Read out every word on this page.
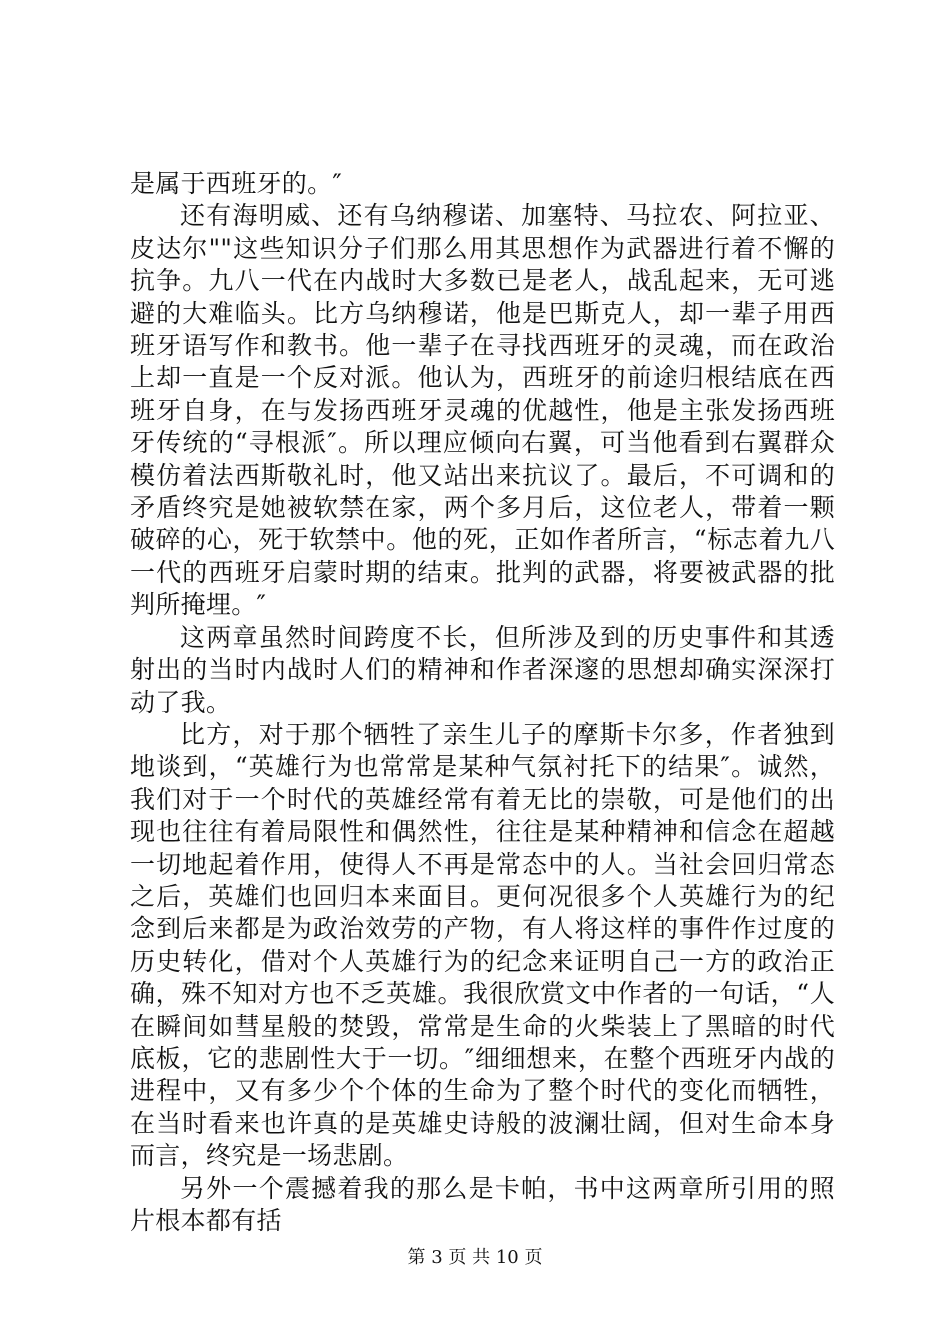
是属于西班牙的。″

还有海明威、还有乌纳穆诺、加塞特、马拉农、阿拉亚、皮达尔""这些知识分子们那么用其思想作为武器进行着不懈的抗争。九八一代在内战时大多数已是老人，战乱起来，无可逃避的大难临头。比方乌纳穆诺，他是巴斯克人，却一辈子用西班牙语写作和教书。他一辈子在寻找西班牙的灵魂，而在政治上却一直是一个反对派。他认为，西班牙的前途归根结底在西班牙自身，在与发扬西班牙灵魂的优越性，他是主张发扬西班牙传统的“寻根派″。所以理应倾向右翼，可当他看到右翼群众模仿着法西斯敬礼时，他又站出来抗议了。最后，不可调和的矛盾终究是她被软禁在家，两个多月后，这位老人，带着一颗破碎的心，死于软禁中。他的死，正如作者所言，“标志着九八一代的西班牙启蒙时期的结束。批判的武器，将要被武器的批判所掩埋。″

这两章虽然时间跨度不长，但所涉及到的历史事件和其透射出的当时内战时人们的精神和作者深邃的思想却确实深深打动了我。

比方，对于那个牺牲了亲生儿子的摩斯卡尔多，作者独到地谈到，“英雄行为也常常是某种气氛衬托下的结果″。诚然，我们对于一个时代的英雄经常有着无比的崇敬，可是他们的出现也往往有着局限性和偶然性，往往是某种精神和信念在超越一切地起着作用，使得人不再是常态中的人。当社会回归常态之后，英雄们也回归本来面目。更何况很多个人英雄行为的纪念到后来都是为政治效劳的产物，有人将这样的事件作过度的历史转化，借对个人英雄行为的纪念来证明自己一方的政治正确，殊不知对方也不乏英雄。我很欣赏文中作者的一句话，“人在瞬间如彗星般的焚毁，常常是生命的火柴装上了黑暗的时代底板，它的悲剧性大于一切。″细细想来，在整个西班牙内战的进程中，又有多少个个体的生命为了整个时代的变化而牺牲，在当时看来也许真的是英雄史诗般的波澜壮阔，但对生命本身而言，终究是一场悲剧。

另外一个震撼着我的那么是卡帕，书中这两章所引用的照片根本都有括

第 3 页 共 10 页
